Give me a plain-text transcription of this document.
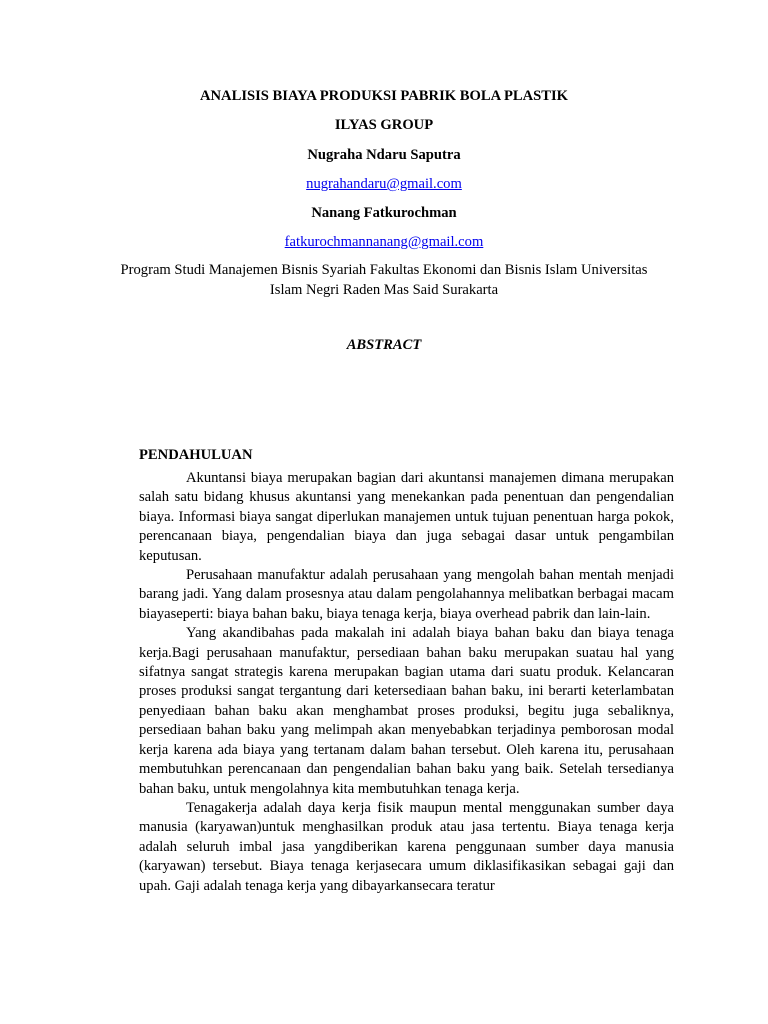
ANALISIS BIAYA PRODUKSI PABRIK BOLA PLASTIK
ILYAS GROUP
Nugraha Ndaru Saputra
nugrahandaru@gmail.com
Nanang Fatkurochman
fatkurochmannanang@gmail.com
Program Studi Manajemen Bisnis Syariah Fakultas Ekonomi dan Bisnis Islam Universitas
Islam Negri Raden Mas Said Surakarta
ABSTRACT
PENDAHULUAN

Akuntansi biaya merupakan bagian dari akuntansi manajemen dimana merupakan salah satu bidang khusus akuntansi yang menekankan pada penentuan dan pengendalian biaya. Informasi biaya sangat diperlukan manajemen untuk tujuan penentuan harga pokok, perencanaan biaya, pengendalian biaya dan juga sebagai dasar untuk pengambilan keputusan.

Perusahaan manufaktur adalah perusahaan yang mengolah bahan mentah menjadi barang jadi. Yang dalam prosesnya atau dalam pengolahannya melibatkan berbagai macam biayaseperti: biaya bahan baku, biaya tenaga kerja, biaya overhead pabrik dan lain-lain.

Yang akandibahas pada makalah ini adalah biaya bahan baku dan biaya tenaga kerja.Bagi perusahaan manufaktur, persediaan bahan baku merupakan suatau hal yang sifatnya sangat strategis karena merupakan bagian utama dari suatu produk. Kelancaran proses produksi sangat tergantung dari ketersediaan bahan baku, ini berarti keterlambatan penyediaan bahan baku akan menghambat proses produksi, begitu juga sebaliknya, persediaan bahan baku yang melimpah akan menyebabkan terjadinya pemborosan modal kerja karena ada biaya yang tertanam dalam bahan tersebut. Oleh karena itu, perusahaan membutuhkan perencanaan dan pengendalian bahan baku yang baik. Setelah tersedianya bahan baku, untuk mengolahnya kita membutuhkan tenaga kerja.

Tenagakerja adalah daya kerja fisik maupun mental menggunakan sumber daya manusia (karyawan)untuk menghasilkan produk atau jasa tertentu. Biaya tenaga kerja adalah seluruh imbal jasa yangdiberikan karena penggunaan sumber daya manusia (karyawan) tersebut. Biaya tenaga kerjasecara umum diklasifikasikan sebagai gaji dan upah. Gaji adalah tenaga kerja yang dibayarkansecara teratur
